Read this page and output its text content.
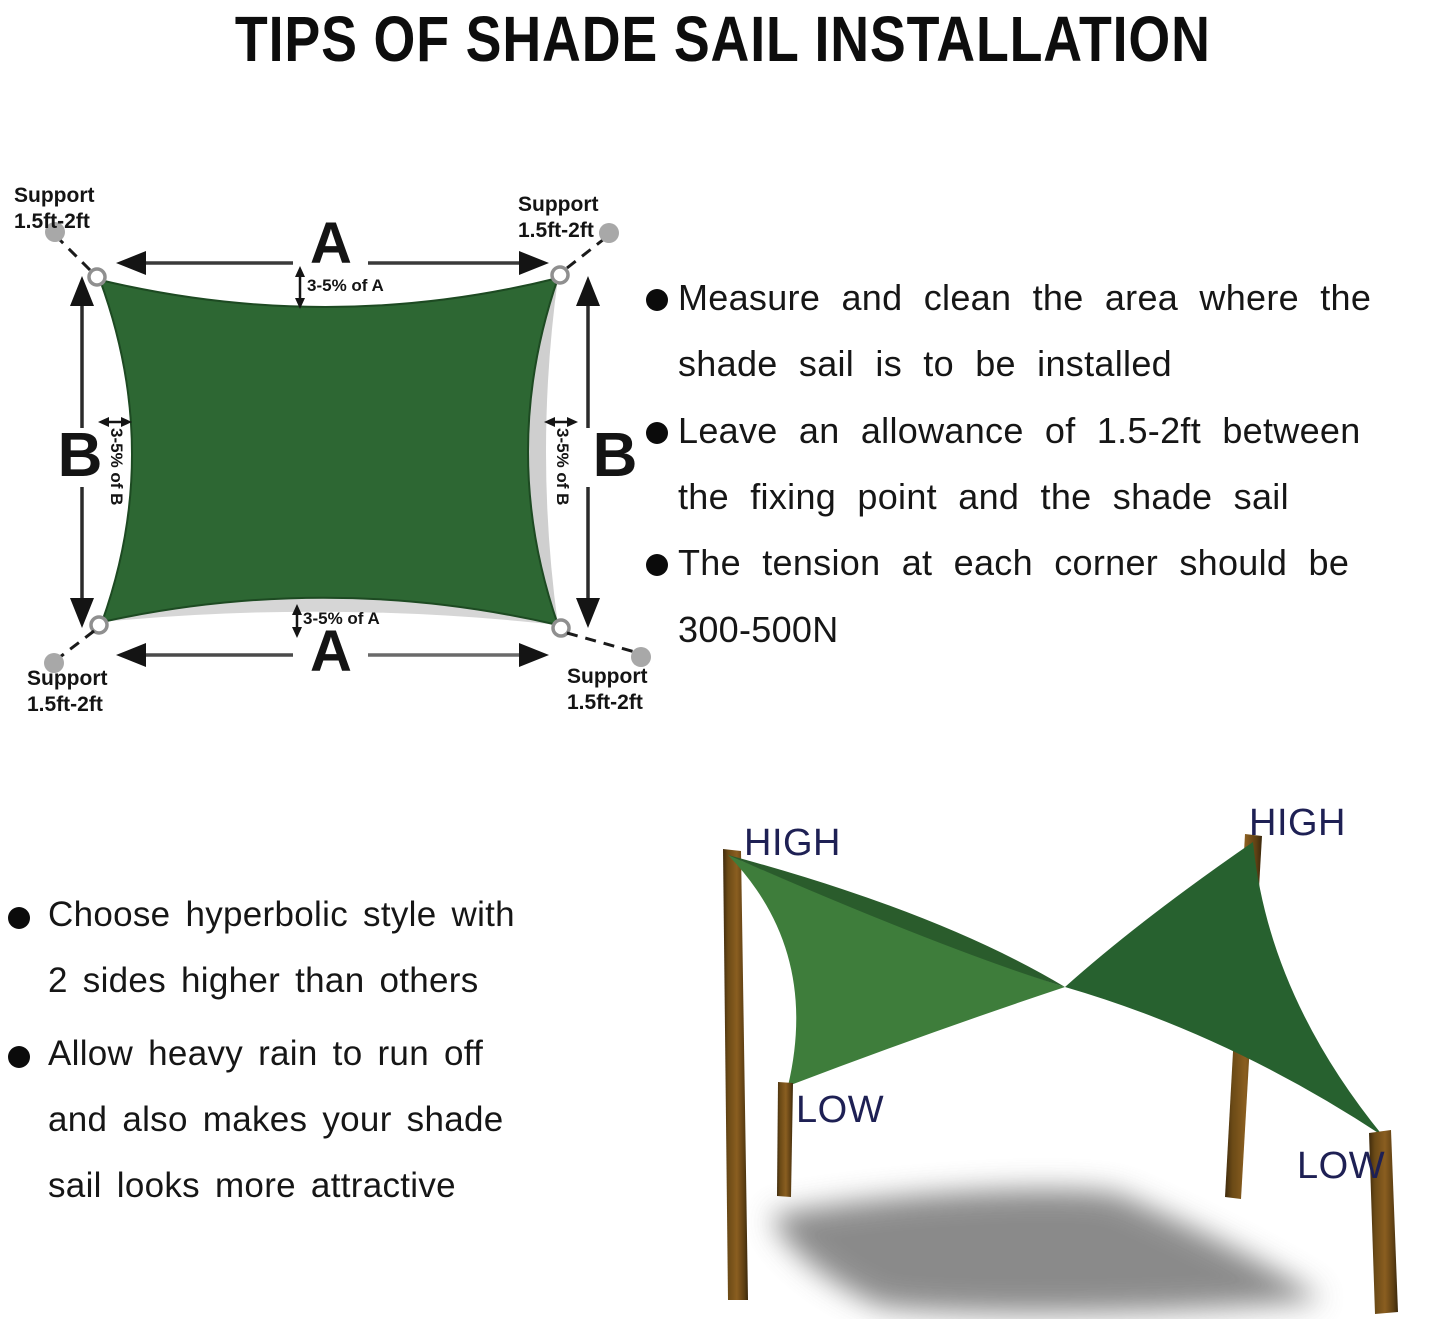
TIPS OF SHADE SAIL INSTALLATION
Support
1.5ft-2ft
Support
1.5ft-2ft
Support
1.5ft-2ft
Support
1.5ft-2ft
A
A
B	B
3-5% of A
3-5% of A
3-5% of B	3-5% of B
Measure and clean the area where the
shade sail is to be installed
Leave an allowance of 1.5-2ft between
the fixing point and the shade sail
The tension at each corner should be
300-500N
Choose hyperbolic style with
2 sides higher than others
Allow heavy rain to run off
and also makes your shade
sail looks more attractive
HIGH	HIGH
LOW
LOW
